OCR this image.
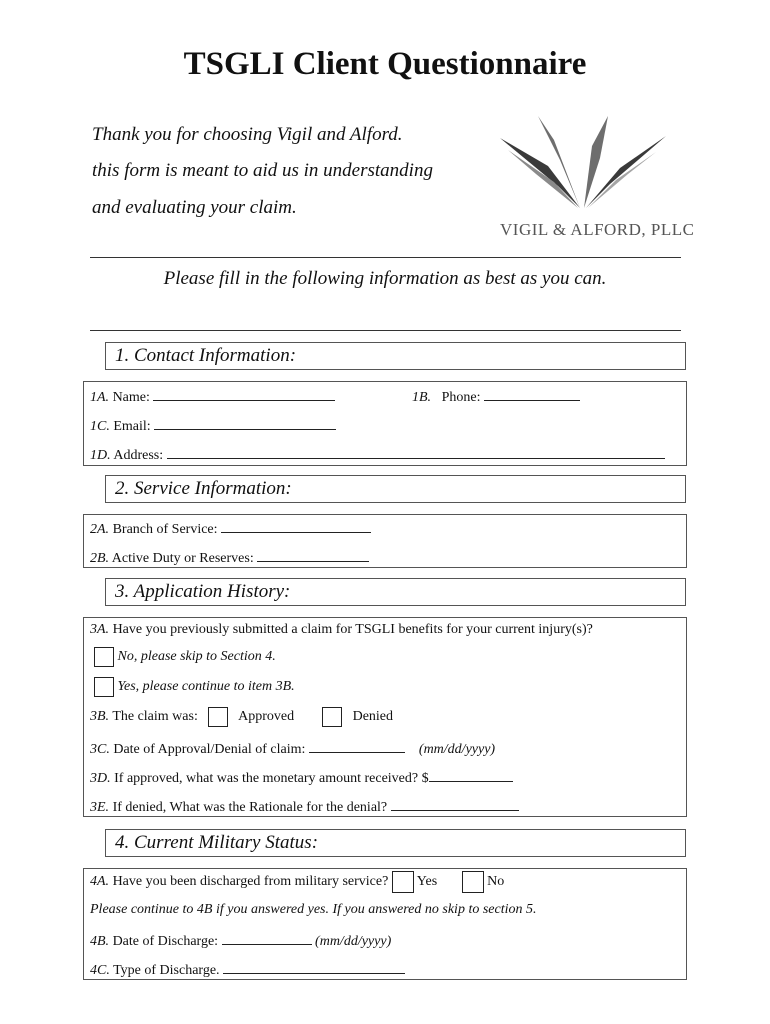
TSGLI Client Questionnaire
Thank you for choosing Vigil and Alford.
this form is meant to aid us in understanding
and evaluating your claim.
VIGIL & ALFORD, PLLC
Please fill in the following information as best as you can.
1. Contact Information:
1A. Name:	1B. Phone:
1C. Email:
1D. Address:
2. Service Information:
2A. Branch of Service:
2B. Active Duty or Reserves:
3. Application History:
3A. Have you previously submitted a claim for TSGLI benefits for your current injury(s)?
No, please skip to Section 4.
Yes, please continue to item 3B.
3B. The claim was:	Approved	Denied
3C. Date of Approval/Denial of claim:	(mm/dd/yyyy)
3D. If approved, what was the monetary amount received? $
3E. If denied, What was the Rationale for the denial?
4. Current Military Status:
4A. Have you been discharged from military service? Yes	No
Please continue to 4B if you answered yes. If you answered no skip to section 5.
4B. Date of Discharge:	(mm/dd/yyyy)
4C. Type of Discharge.
